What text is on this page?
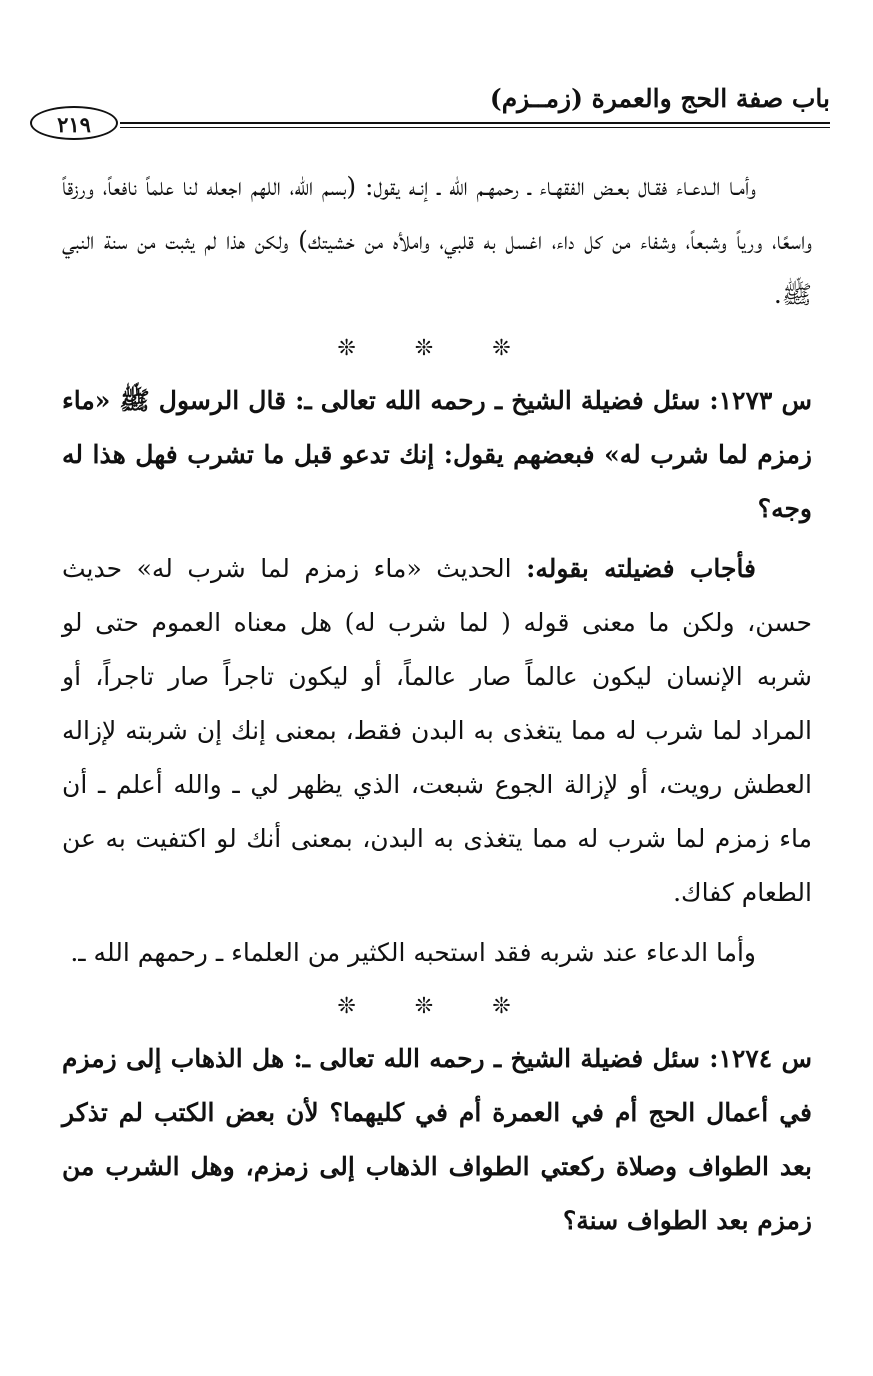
باب صفة الحج والعمرة (زمــزم)
٢١٩

وأمـا الـدعـاء فقـال بعـض الفقهـاء ـ رحمهـم الله ـ إنـه يقول: (بسم الله، اللهم اجعله لنا علماً نافعاً، ورزقاً واسعًا، ورياً وشبعاً، وشفاء من كل داء، اغسل به قلبي، واملأه من خشيتك) ولكن هذا لم يثبت من سنة النبي ﷺ.

❊ ❊ ❊

س ١٢٧٣: سئل فضيلة الشيخ ـ رحمه الله تعالى ـ: قال الرسول ﷺ «ماء زمزم لما شرب له» فبعضهم يقول: إنك تدعو قبل ما تشرب فهل هذا له وجه؟

فأجاب فضيلته بقوله: الحديث «ماء زمزم لما شرب له» حديث حسن، ولكن ما معنى قوله ( لما شرب له) هل معناه العموم حتى لو شربه الإنسان ليكون عالماً صار عالماً، أو ليكون تاجراً صار تاجراً، أو المراد لما شرب له مما يتغذى به البدن فقط، بمعنى إنك إن شربته لإزاله العطش رويت، أو لإزالة الجوع شبعت، الذي يظهر لي ـ والله أعلم ـ أن ماء زمزم لما شرب له مما يتغذى به البدن، بمعنى أنك لو اكتفيت به عن الطعام كفاك.

وأما الدعاء عند شربه فقد استحبه الكثير من العلماء ـ رحمهم الله ـ.

❊ ❊ ❊

س ١٢٧٤: سئل فضيلة الشيخ ـ رحمه الله تعالى ـ: هل الذهاب إلى زمزم في أعمال الحج أم في العمرة أم في كليهما؟ لأن بعض الكتب لم تذكر بعد الطواف وصلاة ركعتي الطواف الذهاب إلى زمزم، وهل الشرب من زمزم بعد الطواف سنة؟
